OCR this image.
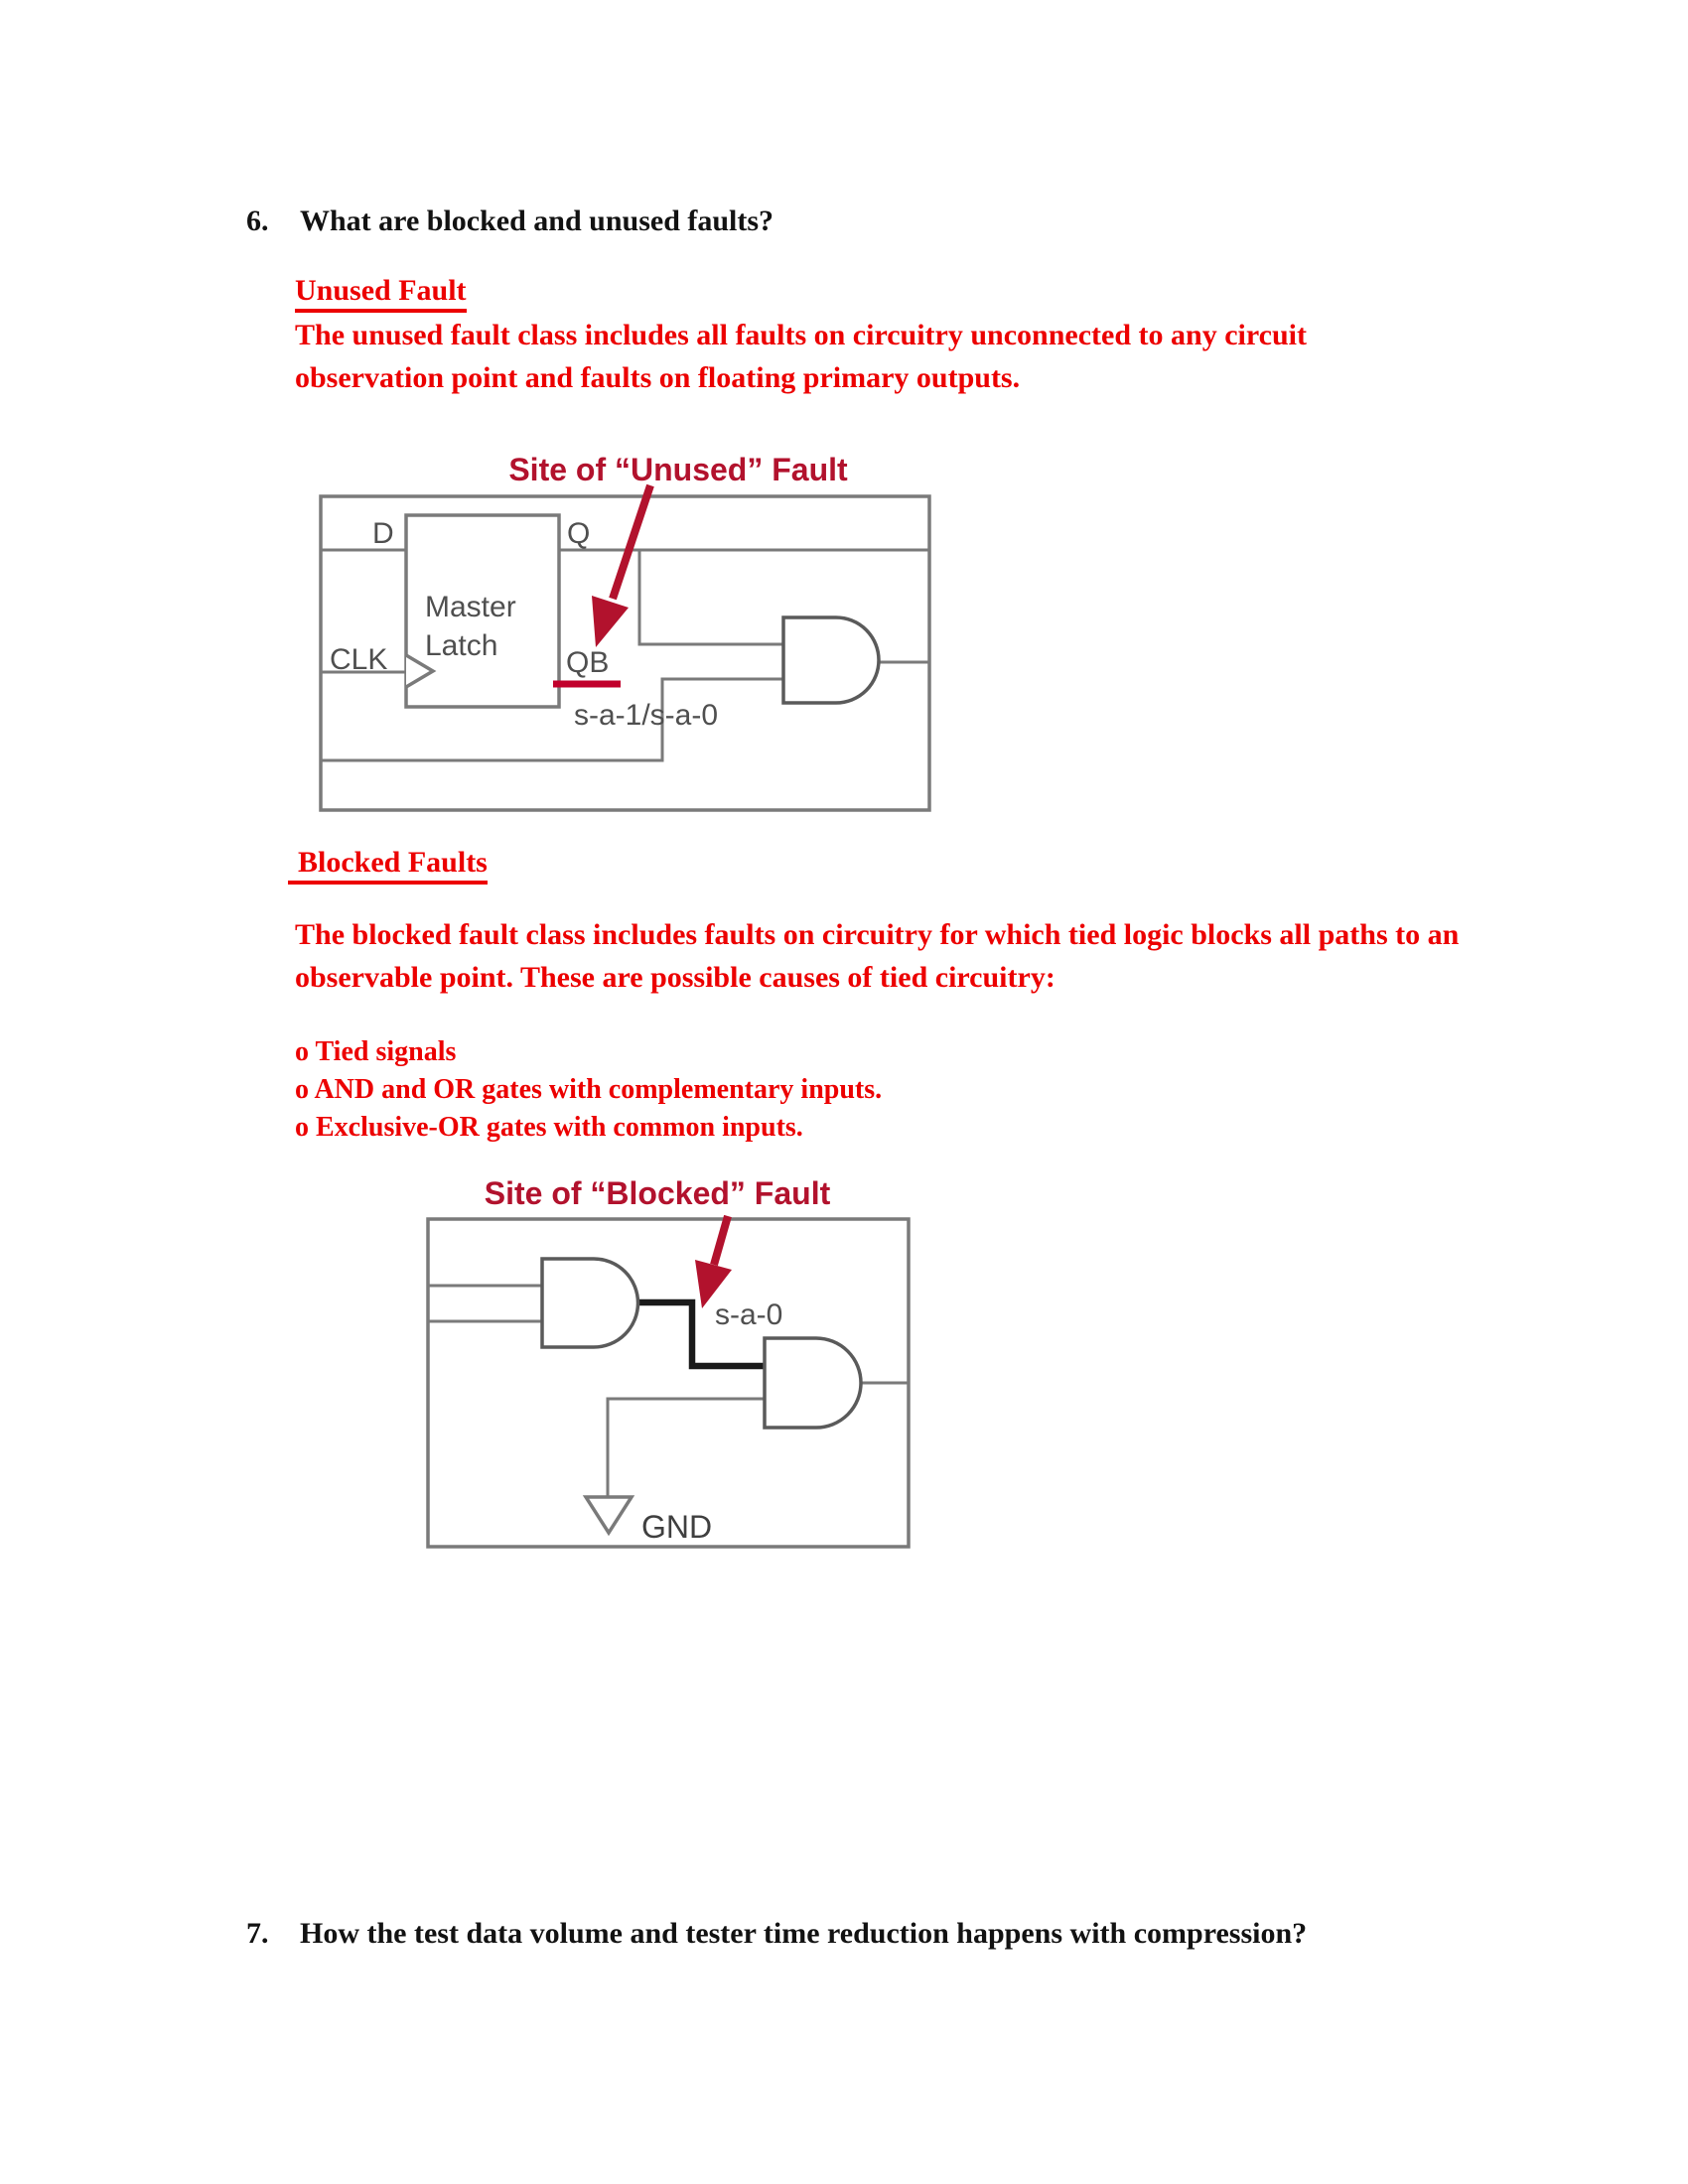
6. What are blocked and unused faults?
Unused Fault
The unused fault class includes all faults on circuitry unconnected to any circuit observation point and faults on floating primary outputs.
Site of “Unused” Fault
D	Q
CLK
Master
Latch
QB
s-a-1/s-a-0
Blocked Faults
The blocked fault class includes faults on circuitry for which tied logic blocks all paths to an observable point. These are possible causes of tied circuitry:
o Tied signals
o AND and OR gates with complementary inputs.
o Exclusive-OR gates with common inputs.
Site of “Blocked” Fault
s-a-0
GND
7. How the test data volume and tester time reduction happens with compression?
